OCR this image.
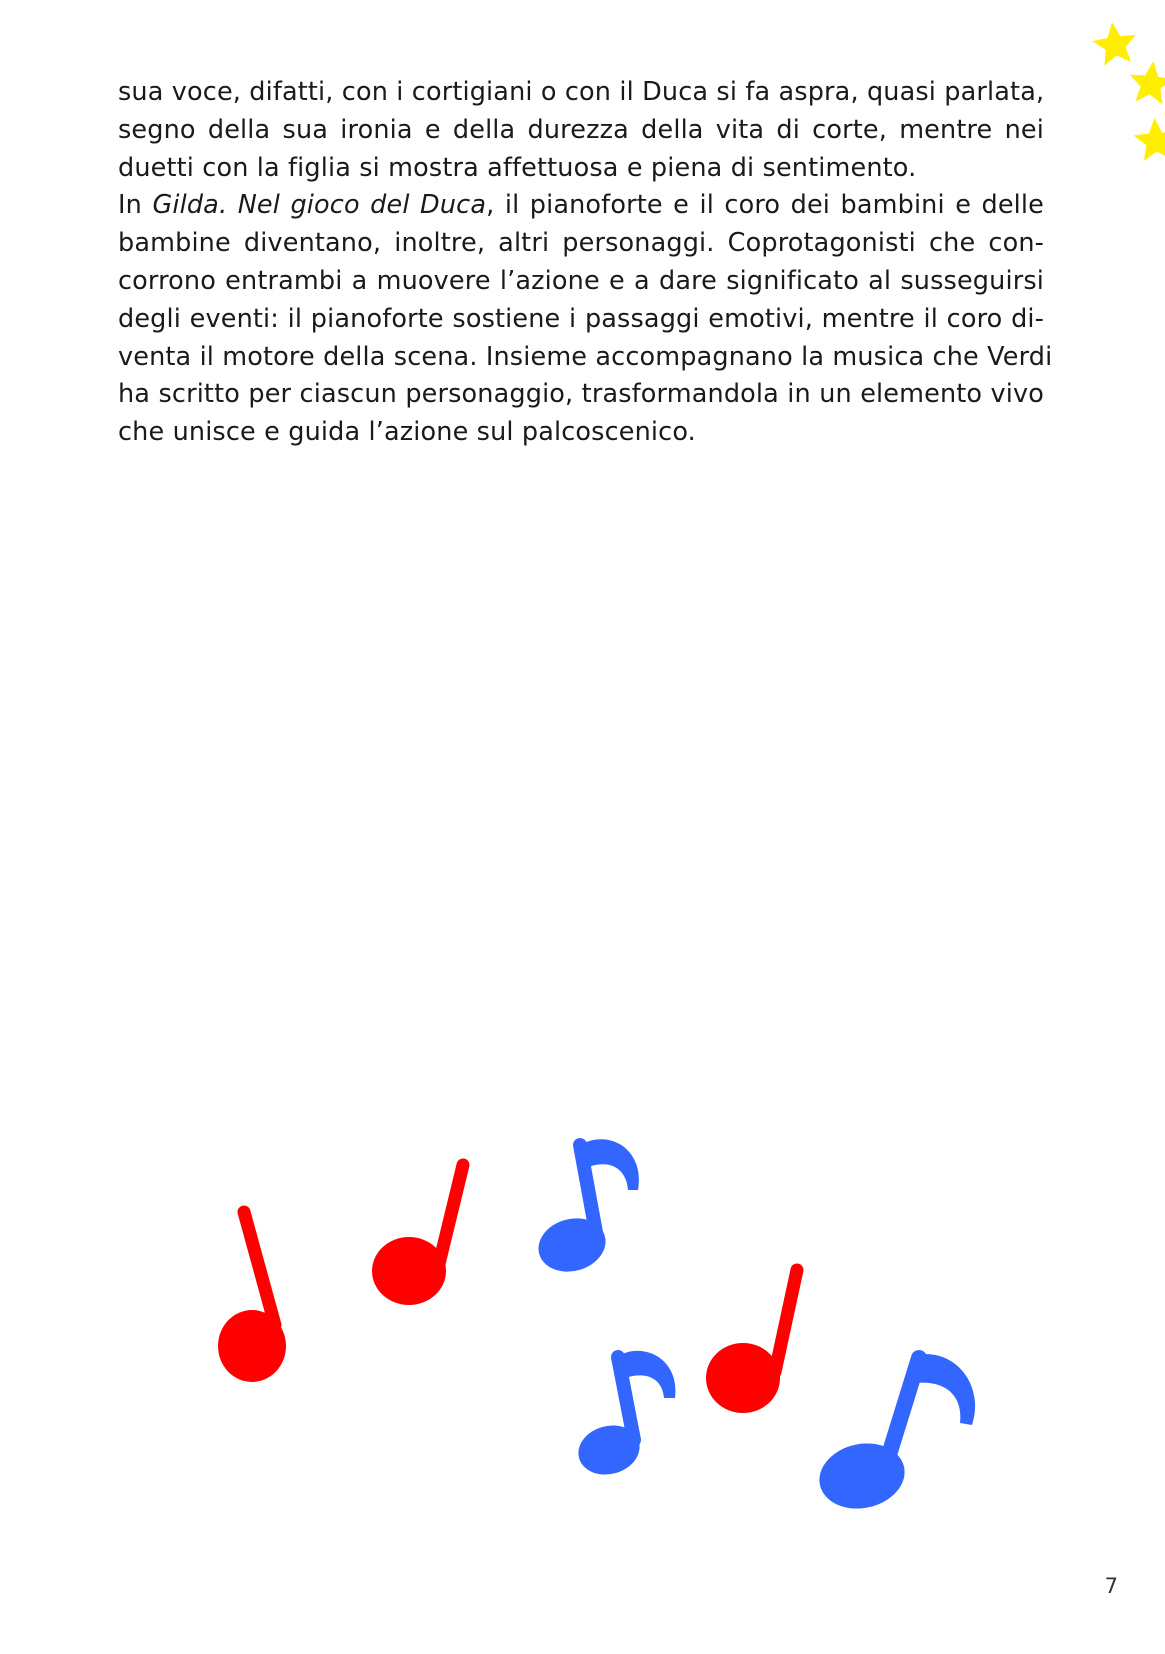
sua voce, difatti, con i cortigiani o con il Duca si fa aspra, quasi parlata,
segno della sua ironia e della durezza della vita di corte, mentre nei
duetti con la figlia si mostra affettuosa e piena di sentimento.
In Gilda. Nel gioco del Duca, il pianoforte e il coro dei bambini e delle
bambine diventano, inoltre, altri personaggi. Coprotagonisti che con-
corrono entrambi a muovere l’azione e a dare significato al susseguirsi
degli eventi: il pianoforte sostiene i passaggi emotivi, mentre il coro di-
venta il motore della scena. Insieme accompagnano la musica che Verdi
ha scritto per ciascun personaggio, trasformandola in un elemento vivo
che unisce e guida l’azione sul palcoscenico.
7
